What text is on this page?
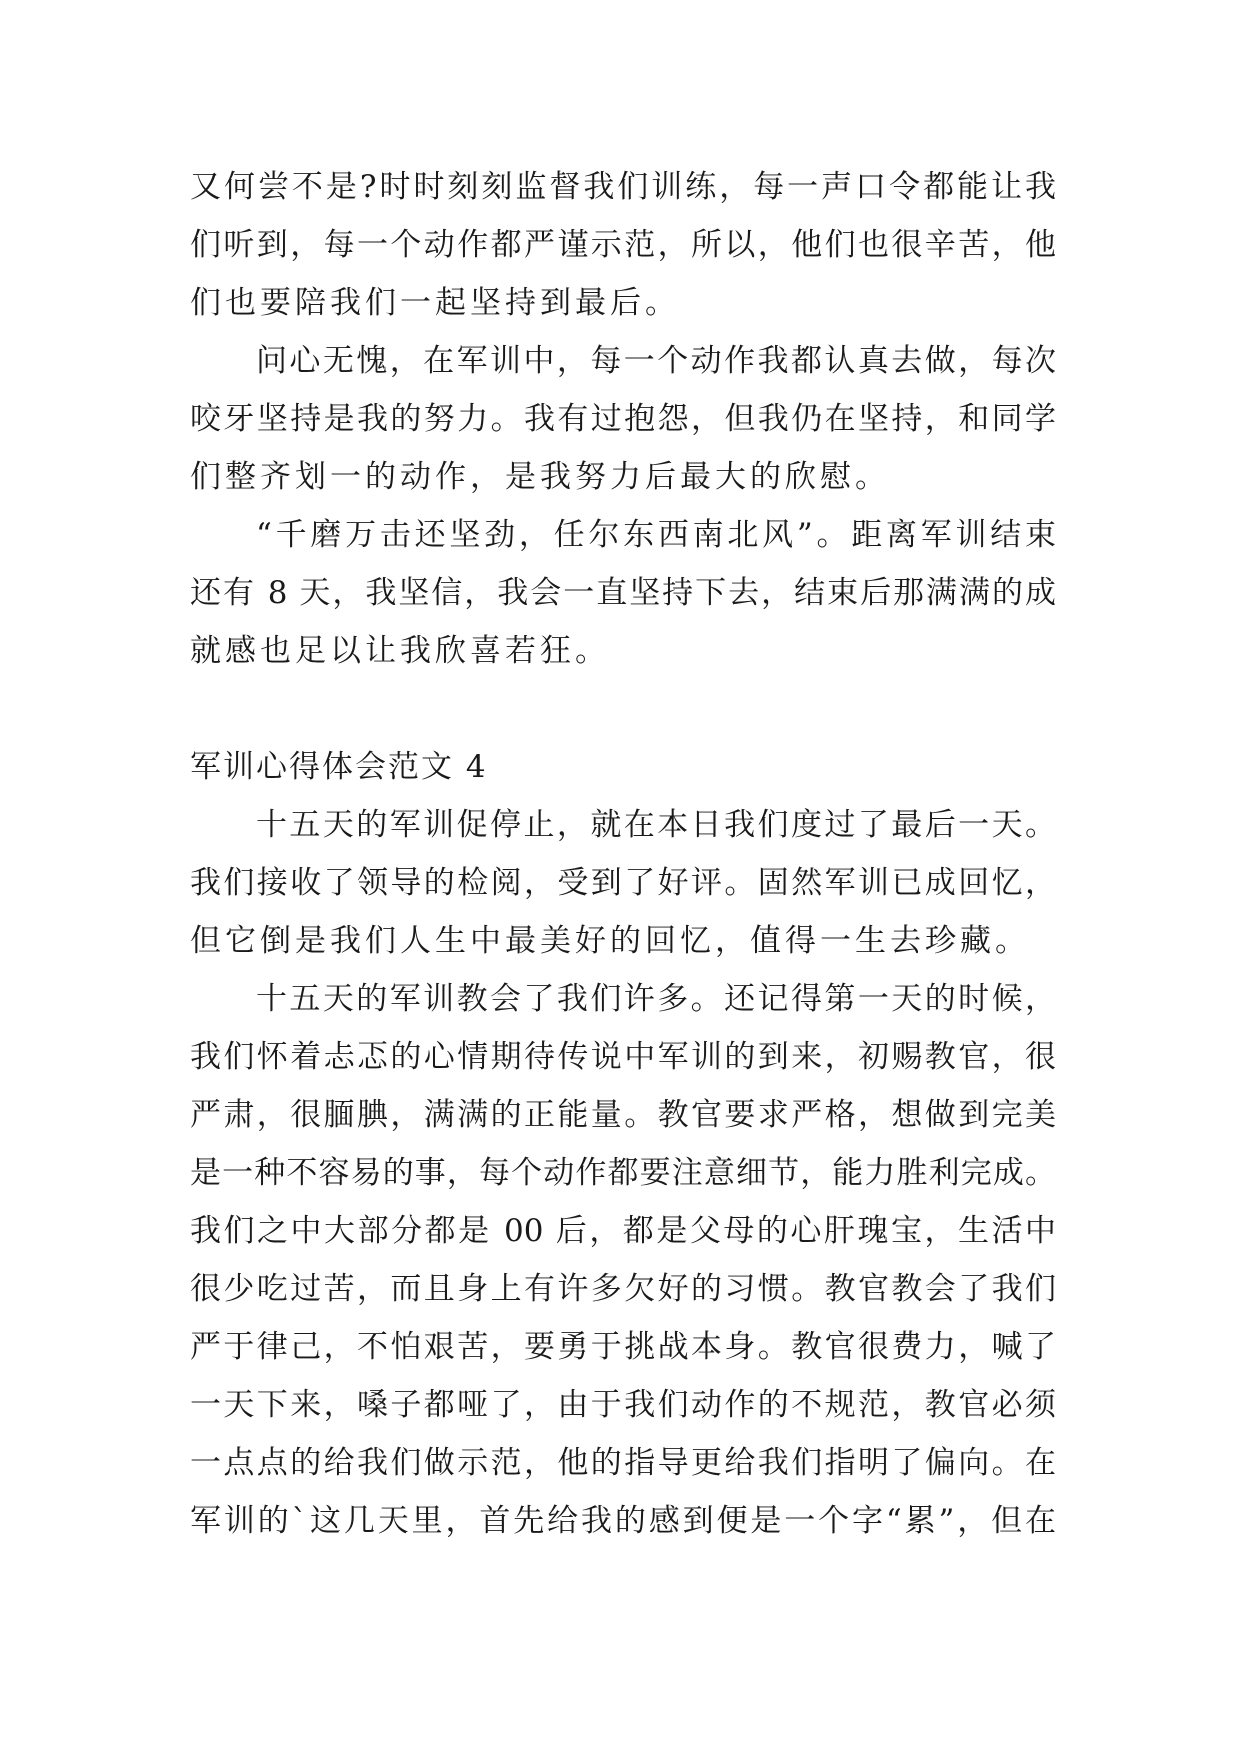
又何尝不是?时时刻刻监督我们训练，每一声口令都能让我
们听到，每一个动作都严谨示范，所以，他们也很辛苦，他
们也要陪我们一起坚持到最后。
问心无愧，在军训中，每一个动作我都认真去做，每次
咬牙坚持是我的努力。我有过抱怨，但我仍在坚持，和同学
们整齐划一的动作，是我努力后最大的欣慰。
“千磨万击还坚劲，任尔东西南北风”。距离军训结束
还有 8 天，我坚信，我会一直坚持下去，结束后那满满的成
就感也足以让我欣喜若狂。
军训心得体会范文 4
十五天的军训促停止，就在本日我们度过了最后一天。
我们接收了领导的检阅，受到了好评。固然军训已成回忆，
但它倒是我们人生中最美好的回忆，值得一生去珍藏。
十五天的军训教会了我们许多。还记得第一天的时候，
我们怀着忐忑的心情期待传说中军训的到来，初赐教官，很
严肃，很腼腆，满满的正能量。教官要求严格，想做到完美
是一种不容易的事，每个动作都要注意细节，能力胜利完成。
我们之中大部分都是 00 后，都是父母的心肝瑰宝，生活中
很少吃过苦，而且身上有许多欠好的习惯。教官教会了我们
严于律己，不怕艰苦，要勇于挑战本身。教官很费力，喊了
一天下来，嗓子都哑了，由于我们动作的不规范，教官必须
一点点的给我们做示范，他的指导更给我们指明了偏向。在
军训的`这几天里，首先给我的感到便是一个字“累”，但在
